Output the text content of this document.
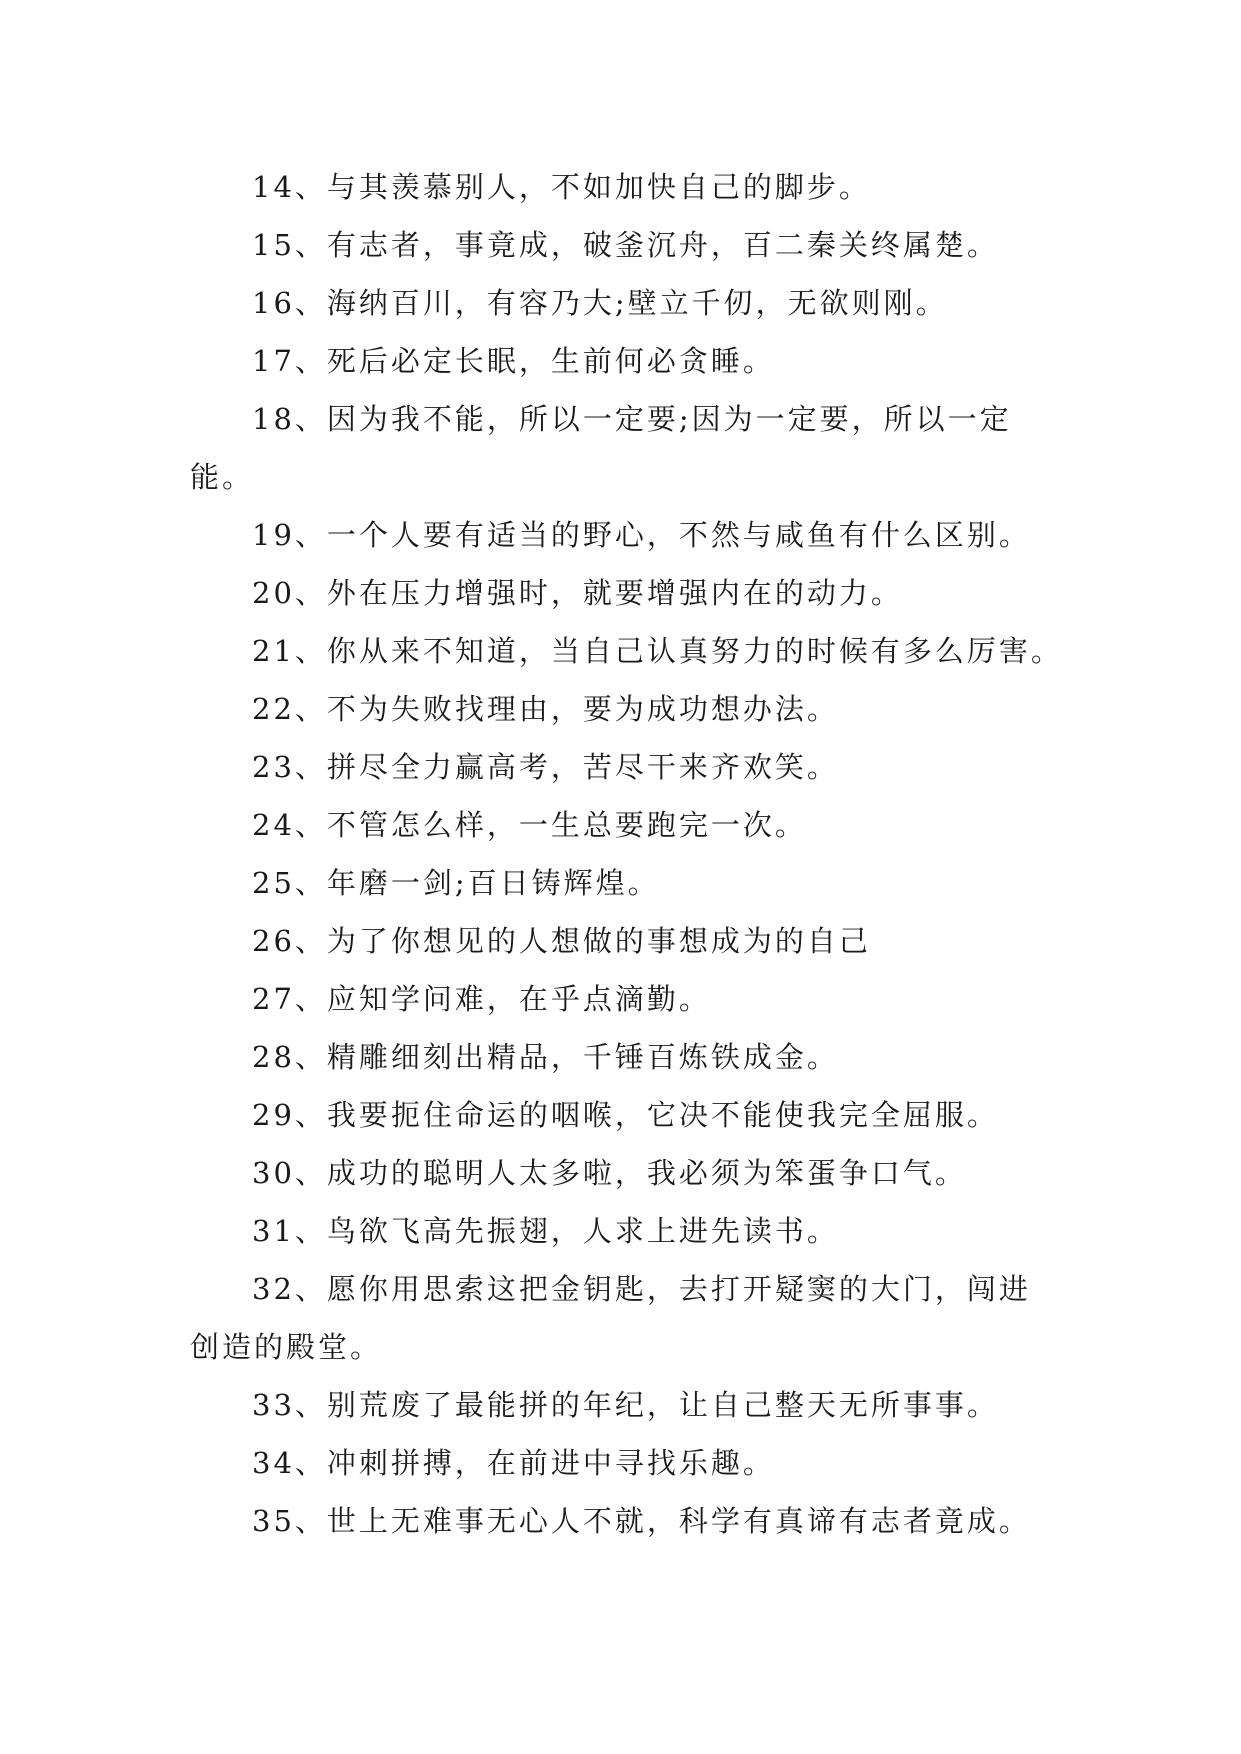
14、与其羡慕别人，不如加快自己的脚步。
15、有志者，事竟成，破釜沉舟，百二秦关终属楚。
16、海纳百川，有容乃大;壁立千仞，无欲则刚。
17、死后必定长眠，生前何必贪睡。
18、因为我不能，所以一定要;因为一定要，所以一定
能。
19、一个人要有适当的野心，不然与咸鱼有什么区别。
20、外在压力增强时，就要增强内在的动力。
21、你从来不知道，当自己认真努力的时候有多么厉害。
22、不为失败找理由，要为成功想办法。
23、拼尽全力赢高考，苦尽干来齐欢笑。
24、不管怎么样，一生总要跑完一次。
25、年磨一剑;百日铸辉煌。
26、为了你想见的人想做的事想成为的自己
27、应知学问难，在乎点滴勤。
28、精雕细刻出精品，千锤百炼铁成金。
29、我要扼住命运的咽喉，它决不能使我完全屈服。
30、成功的聪明人太多啦，我必须为笨蛋争口气。
31、鸟欲飞高先振翅，人求上进先读书。
32、愿你用思索这把金钥匙，去打开疑窦的大门，闯进
创造的殿堂。
33、别荒废了最能拼的年纪，让自己整天无所事事。
34、冲刺拼搏，在前进中寻找乐趣。
35、世上无难事无心人不就，科学有真谛有志者竟成。
